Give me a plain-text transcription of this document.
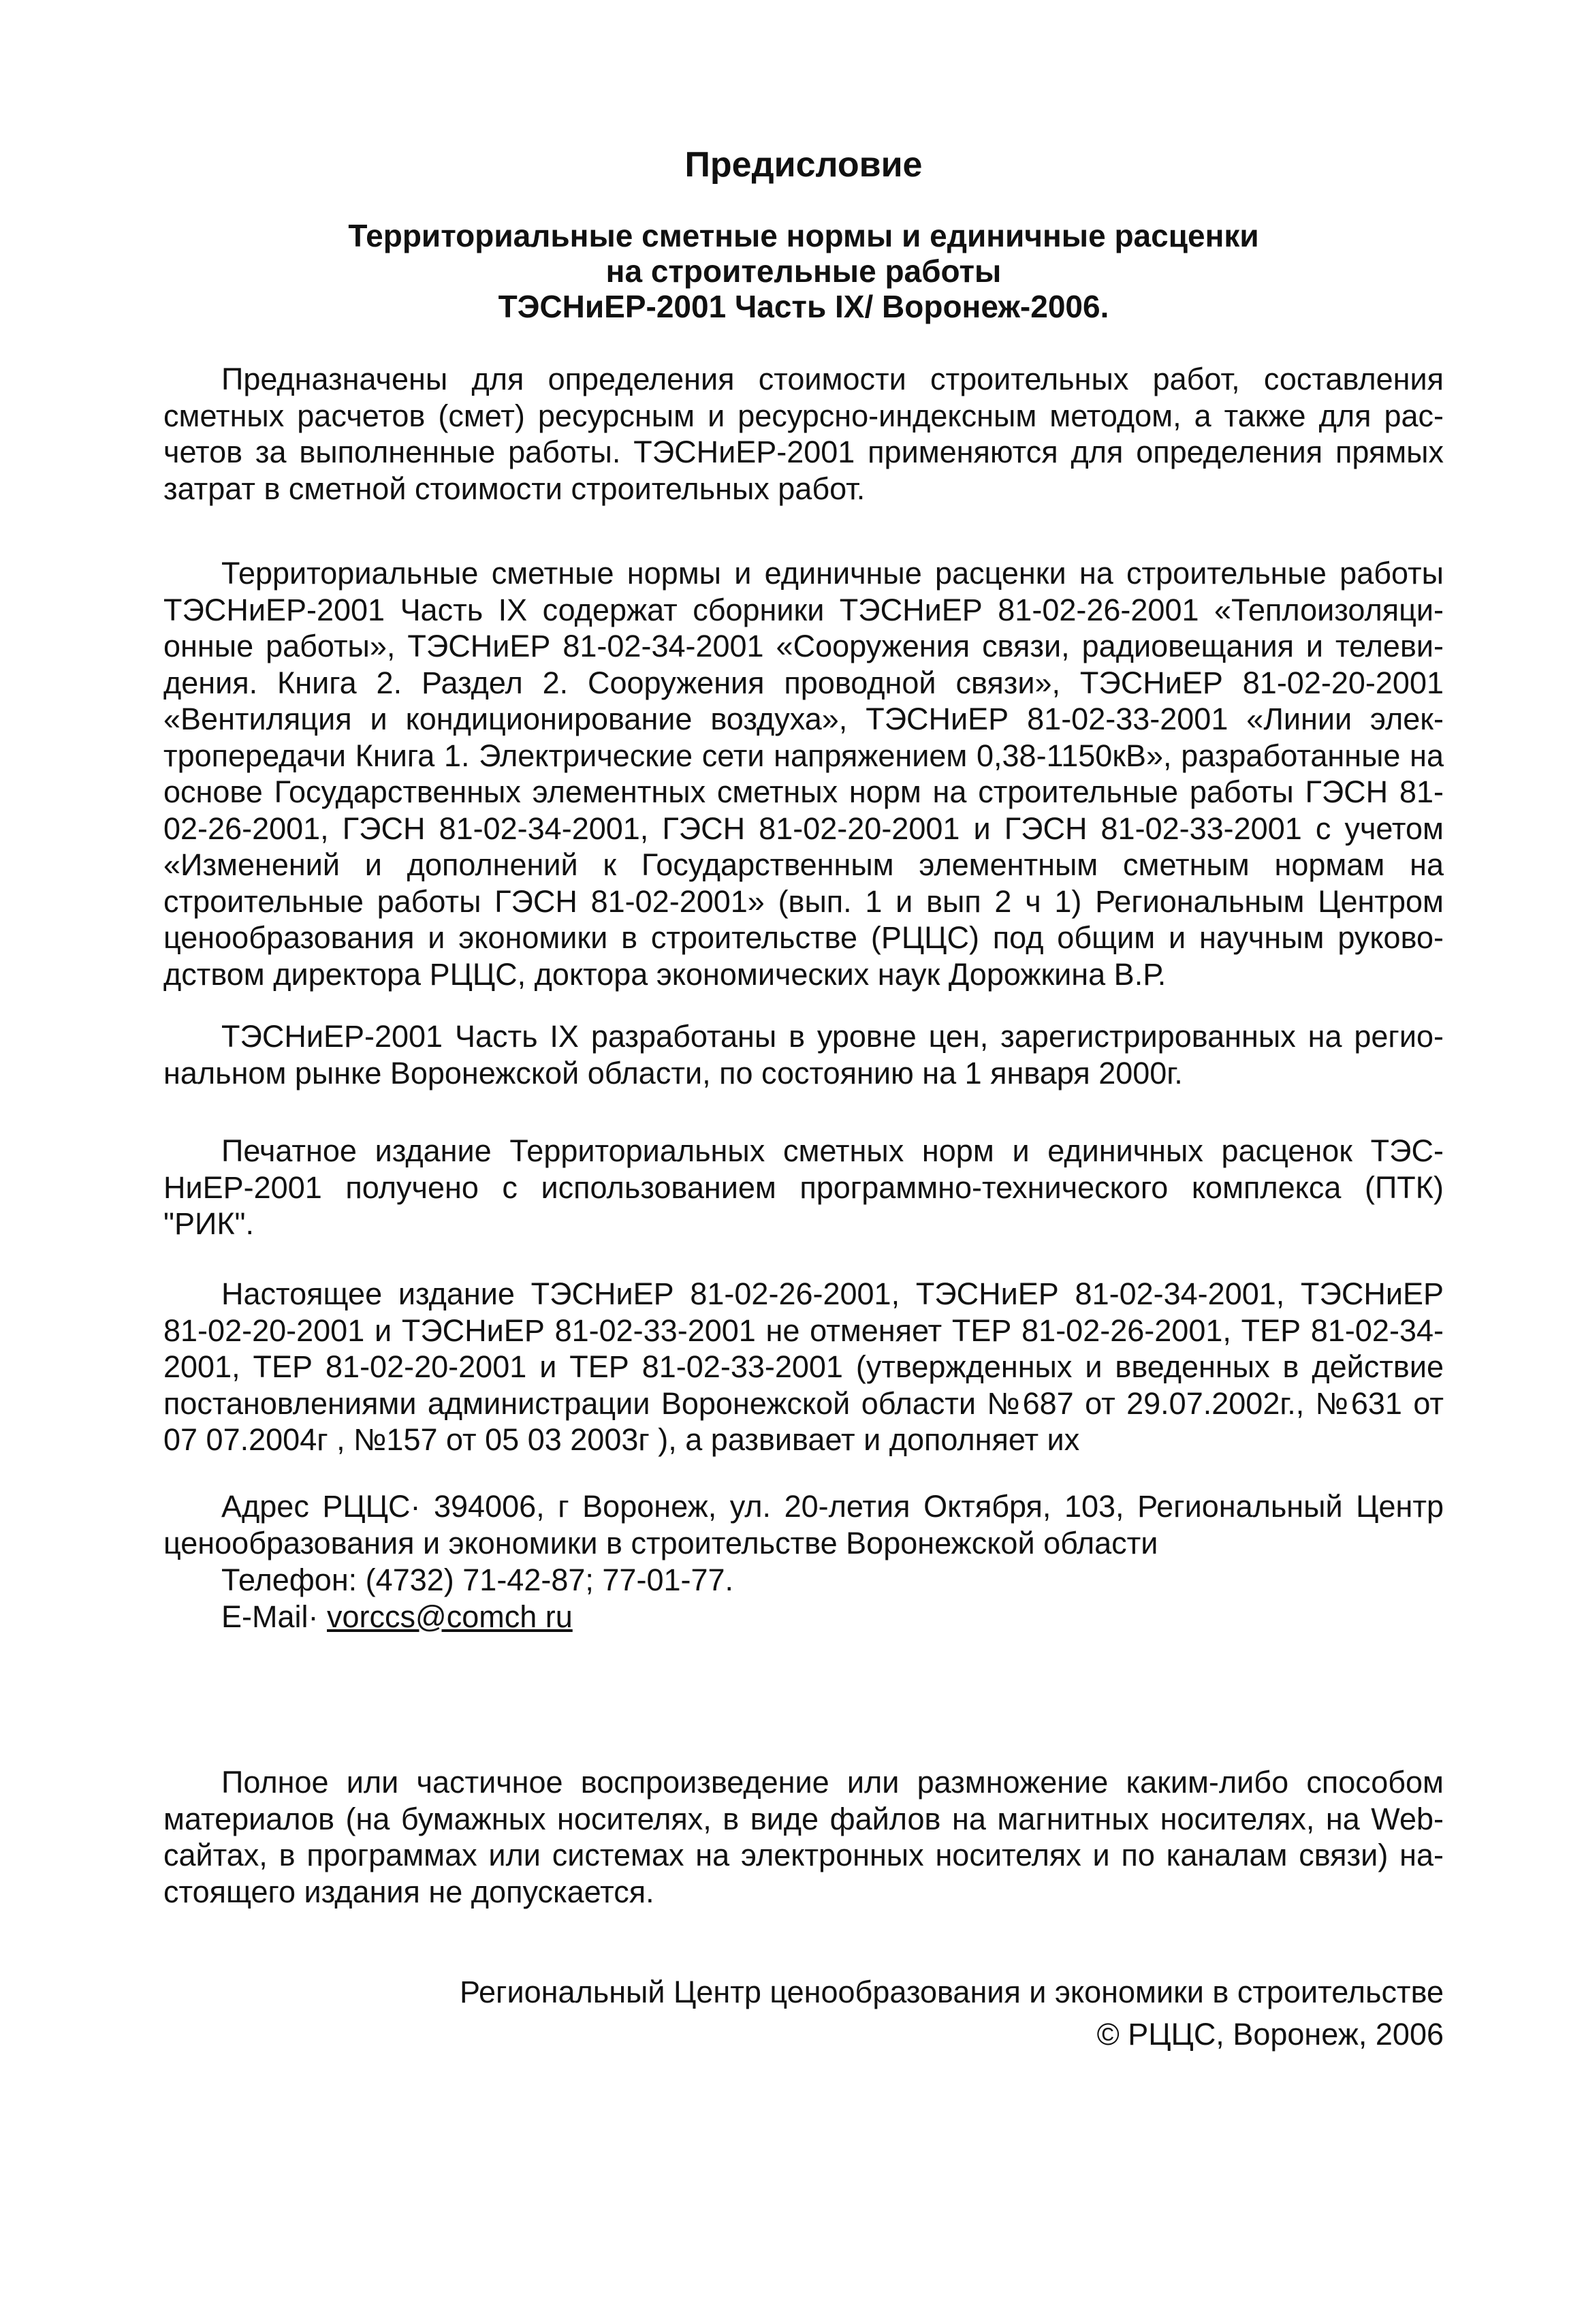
Предисловие
Территориальные сметные нормы и единичные расценки
на строительные работы
ТЭСНиЕР-2001 Часть IX/ Воронеж-2006.

Предназначены для определения стоимости строительных работ, составления сметных расчетов (смет) ресурсным и ресурсно-индексным методом, а также для расчетов за выполненные работы. ТЭСНиЕР-2001 применяются для определения прямых затрат в сметной стоимости строительных работ.

Территориальные сметные нормы и единичные расценки на строительные работы ТЭСНиЕР-2001 Часть IX содержат сборники ТЭСНиЕР 81-02-26-2001 «Теплоизоляционные работы», ТЭСНиЕР 81-02-34-2001 «Сооружения связи, радиовещания и телевидения. Книга 2. Раздел 2. Сооружения проводной связи», ТЭСНиЕР 81-02-20-2001 «Вентиляция и кондиционирование воздуха», ТЭСНиЕР 81-02-33-2001 «Линии электропередачи Книга 1. Электрические сети напряжением 0,38-1150кВ», разработанные на основе Государственных элементных сметных норм на строительные работы ГЭСН 81-02-26-2001, ГЭСН 81-02-34-2001, ГЭСН 81-02-20-2001 и ГЭСН 81-02-33-2001 с учетом «Изменений и дополнений к Государственным элементным сметным нормам на строительные работы ГЭСН 81-02-2001» (вып. 1 и вып 2 ч 1) Региональным Центром ценообразования и экономики в строительстве (РЦЦС) под общим и научным руководством директора РЦЦС, доктора экономических наук Дорожкина В.Р.

ТЭСНиЕР-2001 Часть IX разработаны в уровне цен, зарегистрированных на региональном рынке Воронежской области, по состоянию на 1 января 2000г.

Печатное издание Территориальных сметных норм и единичных расценок ТЭСНиЕР-2001 получено с использованием программно-технического комплекса (ПТК) "РИК".

Настоящее издание ТЭСНиЕР 81-02-26-2001, ТЭСНиЕР 81-02-34-2001, ТЭСНиЕР 81-02-20-2001 и ТЭСНиЕР 81-02-33-2001 не отменяет ТЕР 81-02-26-2001, ТЕР 81-02-34-2001, ТЕР 81-02-20-2001 и ТЕР 81-02-33-2001 (утвержденных и введенных в действие постановлениями администрации Воронежской области №687 от 29.07.2002г., №631 от 07 07.2004г , №157 от 05 03 2003г ), а развивает и дополняет их

Адрес РЦЦС· 394006, г Воронеж, ул. 20-летия Октября, 103, Региональный Центр ценообразования и экономики в строительстве Воронежской области
Телефон: (4732) 71-42-87; 77-01-77.
E-Mail· vorccs@comch ru

Полное или частичное воспроизведение или размножение каким-либо способом материалов (на бумажных носителях, в виде файлов на магнитных носителях, на Web-сайтах, в программах или системах на электронных носителях и по каналам связи) настоящего издания не допускается.

Региональный Центр ценообразования и экономики в строительстве
© РЦЦС, Воронеж, 2006
